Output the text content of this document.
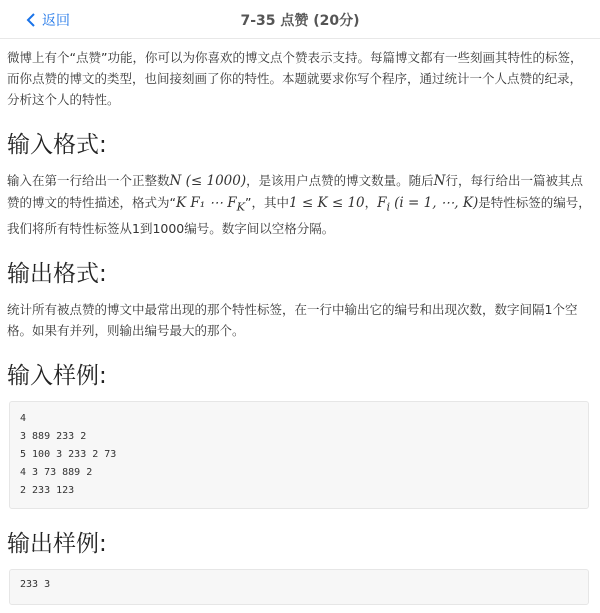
返回	7-35 点赞 (20分)

微博上有个“点赞”功能，你可以为你喜欢的博文点个赞表示支持。每篇博文都有一些刻画其特性的标签，而你点赞的博文的类型，也间接刻画了你的特性。本题就要求你写个程序，通过统计一个人点赞的纪录，分析这个人的特性。

输入格式:

输入在第一行给出一个正整数N (≤ 1000)，是该用户点赞的博文数量。随后N行，每行给出一篇被其点赞的博文的特性描述，格式为“K F₁ ⋯ $F_K$”，其中1 ≤ K ≤ 10，$F_i$ (i = 1, ⋯, K)是特性标签的编号，我们将所有特性标签从1到1000编号。数字间以空格分隔。

输出格式:

统计所有被点赞的博文中最常出现的那个特性标签，在一行中输出它的编号和出现次数，数字间隔1个空格。如果有并列，则输出编号最大的那个。

输入样例:
4
3 889 233 2
5 100 3 233 2 73
4 3 73 889 2
2 233 123
输出样例:
233 3
